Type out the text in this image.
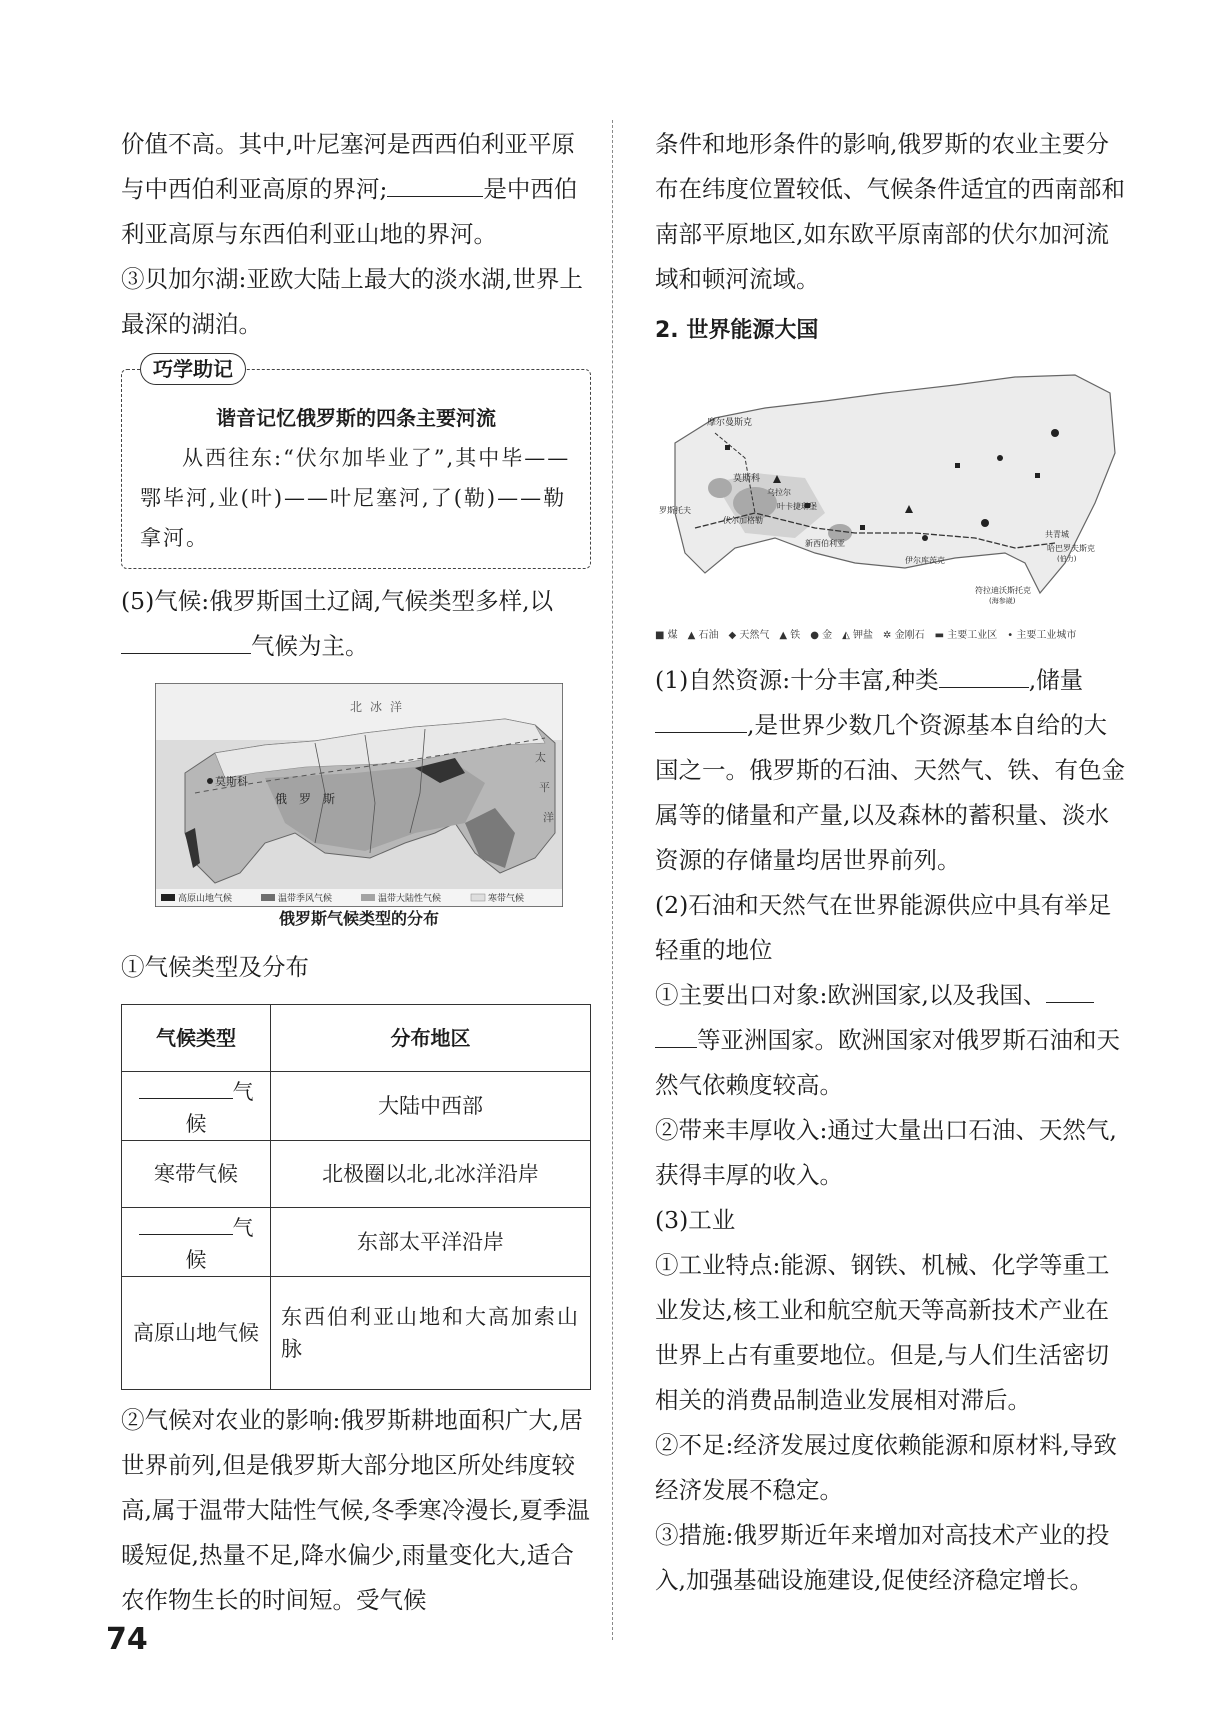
价值不高。其中,叶尼塞河是西西伯利亚平原与中西伯利亚高原的界河;	是中西伯利亚高原与东西伯利亚山地的界河。

③贝加尔湖:亚欧大陆上最大的淡水湖,世界上最深的湖泊。

巧学助记
谐音记忆俄罗斯的四条主要河流
从西往东:“伏尔加毕业了”,其中毕——鄂毕河,业(叶)——叶尼塞河,了(勒)——勒拿河。

(5)气候:俄罗斯国土辽阔,气候类型多样,以
气候为主。

莫斯科
北冰洋
俄罗斯
太
平
洋
高原山地气候	温带季风气候	温带大陆性气候	寒带气候
俄罗斯气候类型的分布

①气候类型及分布

气候类型	分布地区
气候	大陆中西部
寒带气候	北极圈以北,北冰洋沿岸
气候	东部太平洋沿岸
高原山地气候	东西伯利亚山地和大高加索山脉

②气候对农业的影响:俄罗斯耕地面积广大,居世界前列,但是俄罗斯大部分地区所处纬度较高,属于温带大陆性气候,冬季寒冷漫长,夏季温暖短促,热量不足,降水偏少,雨量变化大,适合农作物生长的时间短。受气候

条件和地形条件的影响,俄罗斯的农业主要分布在纬度位置较低、气候条件适宜的西南部和南部平原地区,如东欧平原南部的伏尔加河流域和顿河流域。

2. 世界能源大国

摩尔曼斯克
莫斯科
乌拉尔
伏尔加格勒
罗斯托夫	叶卡捷琳堡
新西伯利亚
伊尔库茨克
哈巴罗夫斯克
(伯力)
共青城
符拉迪沃斯托克
(海参崴)
■ 煤 ▲ 石油 ◆ 天然气 ▲ 铁 ● 金 ◭ 钾盐 ✲ 金刚石 ▬ 主要工业区 • 主要工业城市

(1)自然资源:十分丰富,种类	,储量
,是世界少数几个资源基本自给的大国之一。俄罗斯的石油、天然气、铁、有色金属等的储量和产量,以及森林的蓄积量、淡水资源的存储量均居世界前列。

(2)石油和天然气在世界能源供应中具有举足轻重的地位

①主要出口对象:欧洲国家,以及我国、
等亚洲国家。欧洲国家对俄罗斯石油和天然气依赖度较高。

②带来丰厚收入:通过大量出口石油、天然气,获得丰厚的收入。

(3)工业

①工业特点:能源、钢铁、机械、化学等重工业发达,核工业和航空航天等高新技术产业在世界上占有重要地位。但是,与人们生活密切相关的消费品制造业发展相对滞后。

②不足:经济发展过度依赖能源和原材料,导致经济发展不稳定。

③措施:俄罗斯近年来增加对高技术产业的投入,加强基础设施建设,促使经济稳定增长。

74
